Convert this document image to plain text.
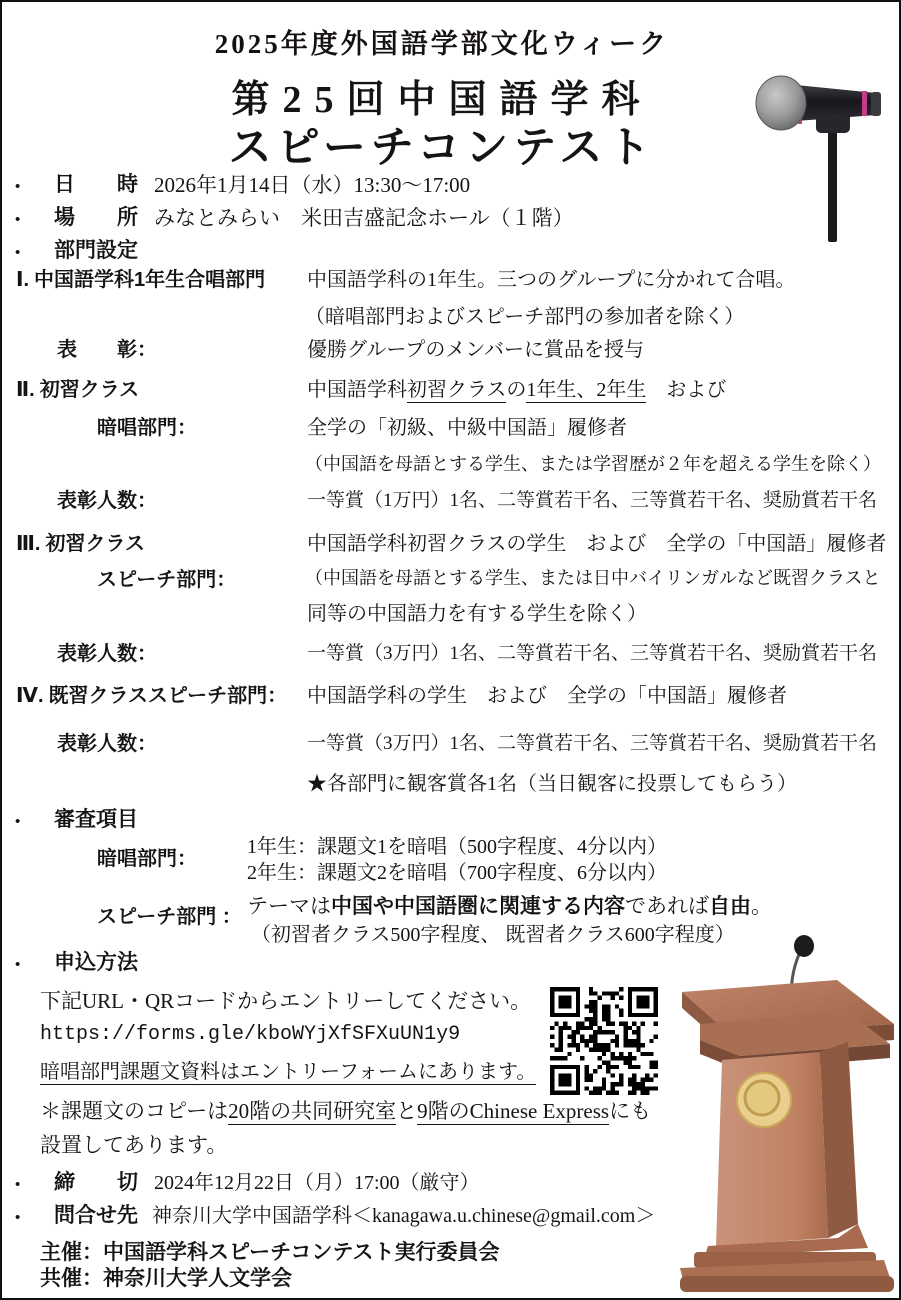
2025年度外国語学部文化ウィーク
第25回中国語学科
スピーチコンテスト
• 日　　時 2026年1月14日（水）13:30〜17:00
• 場　　所 みなとみらい　米田吉盛記念ホール（１階）
• 部門設定
Ⅰ. 中国語学科1年生合唱部門 中国語学科の1年生。三つのグループに分かれて合唱。
（暗唱部門およびスピーチ部門の参加者を除く）
表　　彰：	優勝グループのメンバーに賞品を授与
Ⅱ. 初習クラス	中国語学科初習クラスの1年生、2年生　および
暗唱部門：	全学の「初級、中級中国語」履修者
（中国語を母語とする学生、または学習歴が２年を超える学生を除く）
表彰人数：	一等賞（1万円）1名、二等賞若干名、三等賞若干名、奨励賞若干名
Ⅲ. 初習クラス	中国語学科初習クラスの学生　および　全学の「中国語」履修者
スピーチ部門：	（中国語を母語とする学生、または日中バイリンガルなど既習クラスと
同等の中国語力を有する学生を除く）
表彰人数：	一等賞（3万円）1名、二等賞若干名、三等賞若干名、奨励賞若干名
Ⅳ. 既習クラススピーチ部門： 中国語学科の学生　および　全学の「中国語」履修者
表彰人数：	一等賞（3万円）1名、二等賞若干名、三等賞若干名、奨励賞若干名
★各部門に観客賞各1名（当日観客に投票してもらう）
• 審査項目
暗唱部門：
1年生：課題文1を暗唱（500字程度、4分以内）
2年生：課題文2を暗唱（700字程度、6分以内）
スピーチ部門 ： テーマは中国や中国語圏に関連する内容であれば自由。
（初習者クラス500字程度、 既習者クラス600字程度）
• 申込方法
下記URL・QRコードからエントリーしてください。
https://forms.gle/kboWYjXfSFXuUN1y9
暗唱部門課題文資料はエントリーフォームにあります。
＊課題文のコピーは20階の共同研究室と9階のChinese Expressにも
設置してあります。
• 締　　切 2024年12月22日（月）17:00（厳守）
• 問合せ先 神奈川大学中国語学科＜kanagawa.u.chinese@gmail.com＞
主催：中国語学科スピーチコンテスト実行委員会
共催：神奈川大学人文学会
